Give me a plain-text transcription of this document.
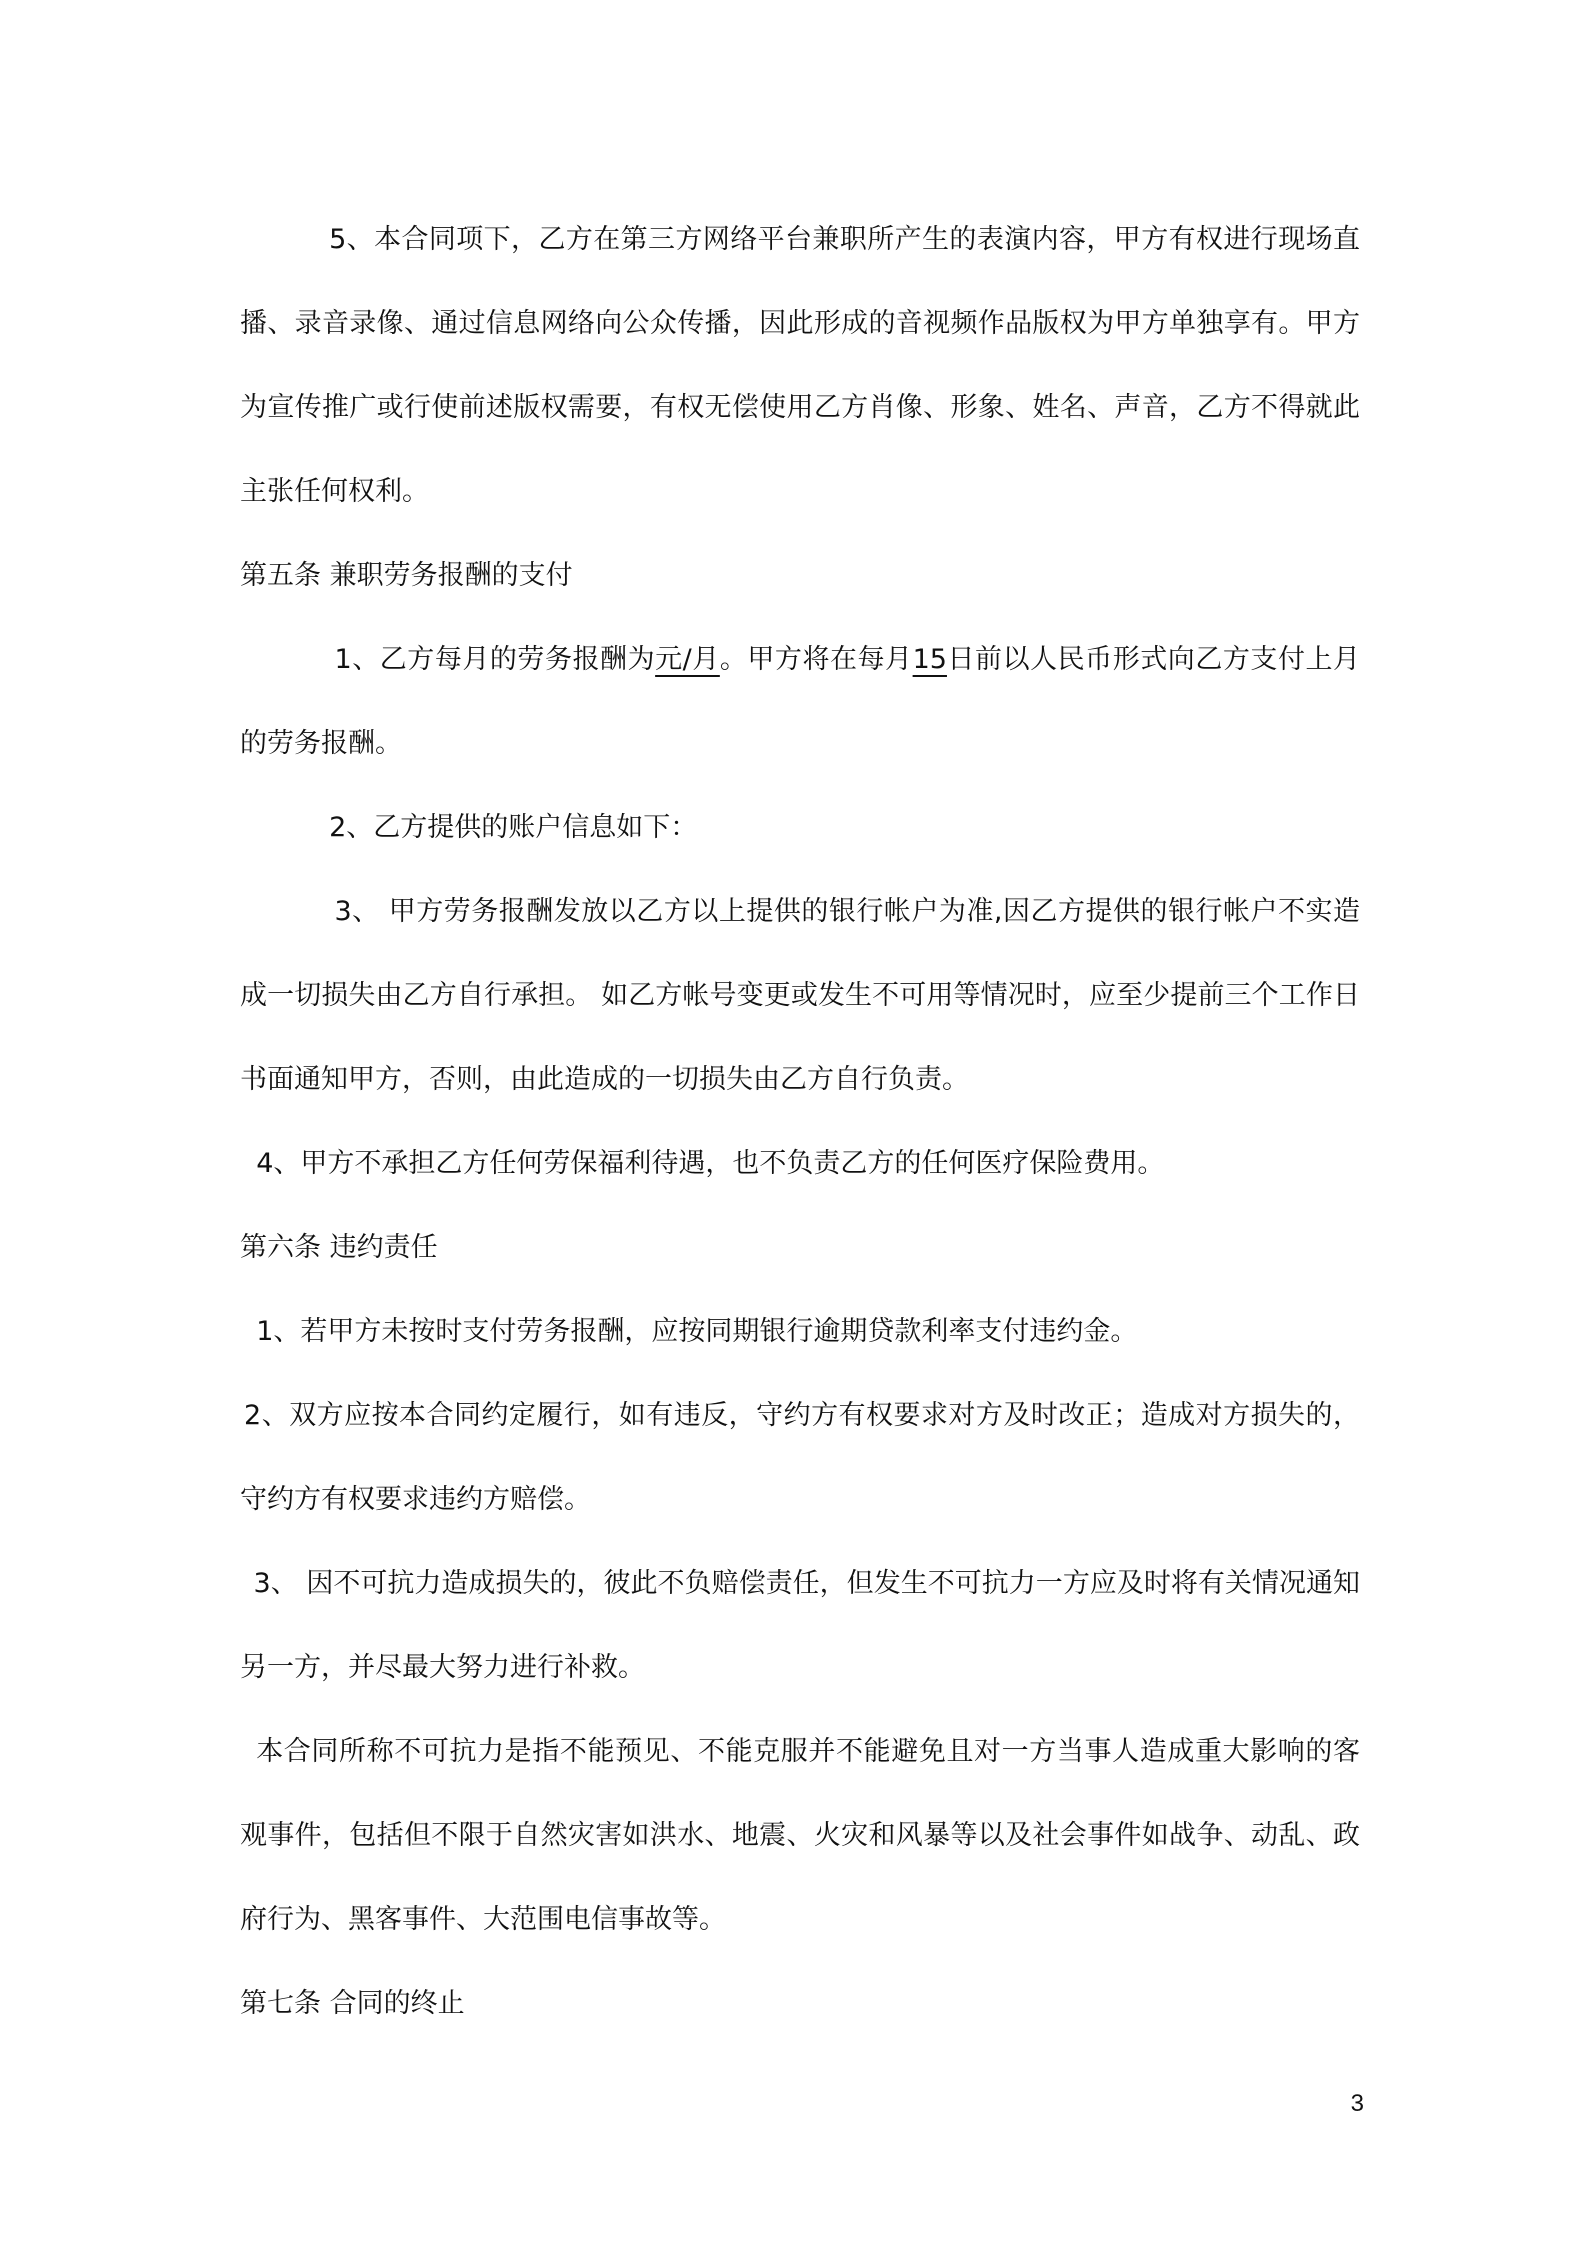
5、本合同项下，乙方在第三方网络平台兼职所产生的表演内容，甲方有权进行现场直播、录音录像、通过信息网络向公众传播，因此形成的音视频作品版权为甲方单独享有。甲方为宣传推广或行使前述版权需要，有权无偿使用乙方肖像、形象、姓名、声音，乙方不得就此主张任何权利。

第五条 兼职劳务报酬的支付

1、乙方每月的劳务报酬为元/月。甲方将在每月15日前以人民币形式向乙方支付上月的劳务报酬。

2、乙方提供的账户信息如下：

3、 甲方劳务报酬发放以乙方以上提供的银行帐户为准,因乙方提供的银行帐户不实造成一切损失由乙方自行承担。 如乙方帐号变更或发生不可用等情况时，应至少提前三个工作日书面通知甲方，否则，由此造成的一切损失由乙方自行负责。

4、甲方不承担乙方任何劳保福利待遇，也不负责乙方的任何医疗保险费用。

第六条 违约责任

1、若甲方未按时支付劳务报酬，应按同期银行逾期贷款利率支付违约金。

2、双方应按本合同约定履行，如有违反，守约方有权要求对方及时改正；造成对方损失的，守约方有权要求违约方赔偿。

3、 因不可抗力造成损失的，彼此不负赔偿责任，但发生不可抗力一方应及时将有关情况通知另一方，并尽最大努力进行补救。

本合同所称不可抗力是指不能预见、不能克服并不能避免且对一方当事人造成重大影响的客观事件，包括但不限于自然灾害如洪水、地震、火灾和风暴等以及社会事件如战争、动乱、政府行为、黑客事件、大范围电信事故等。

第七条 合同的终止

3
